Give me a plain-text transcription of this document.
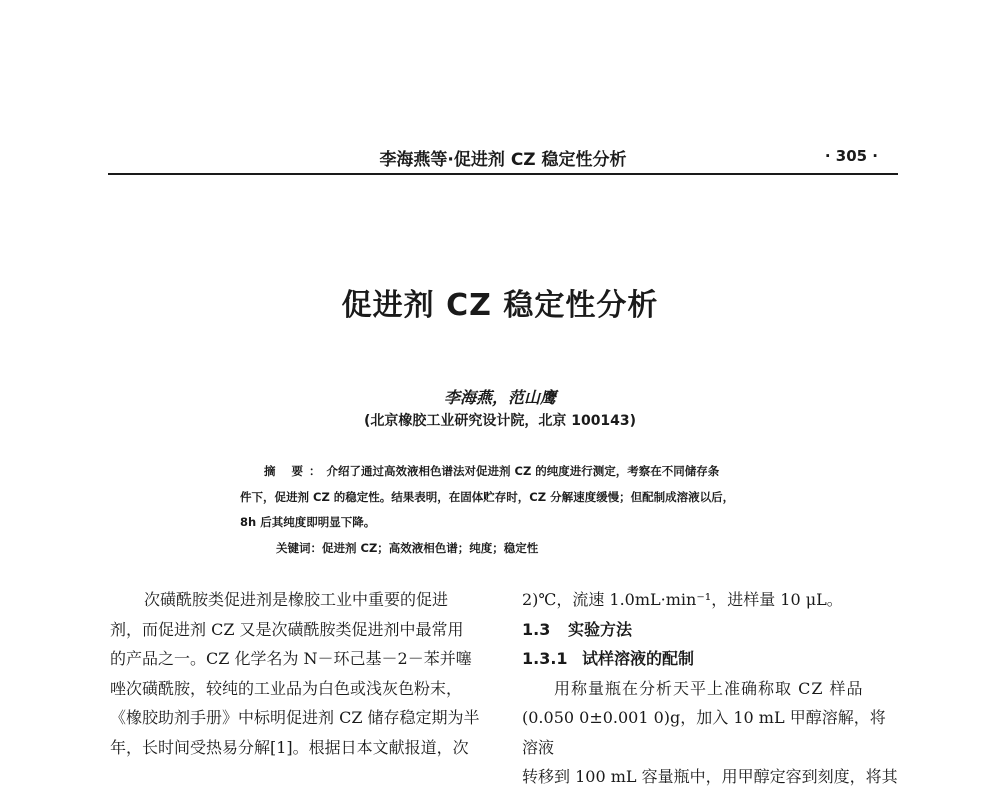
李海燕等·促进剂 CZ 稳定性分析	· 305 ·
促进剂 CZ 稳定性分析
李海燕，范山鹰
(北京橡胶工业研究设计院，北京 100143)

摘 要：介绍了通过高效液相色谱法对促进剂 CZ 的纯度进行测定，考察在不同储存条

件下，促进剂 CZ 的稳定性。结果表明，在固体贮存时，CZ 分解速度缓慢；但配制成溶液以后，

8h 后其纯度即明显下降。

关键词：促进剂 CZ；高效液相色谱；纯度；稳定性

次磺酰胺类促进剂是橡胶工业中重要的促进

剂，而促进剂 CZ 又是次磺酰胺类促进剂中最常用

的产品之一。CZ 化学名为 N－环己基－2－苯并噻

唑次磺酰胺，较纯的工业品为白色或浅灰色粉末，

《橡胶助剂手册》中标明促进剂 CZ 储存稳定期为半

年，长时间受热易分解[1]。根据日本文献报道，次

2)℃，流速 1.0mL·min⁻¹，进样量 10 μL。

1.3 实验方法

1.3.1 试样溶液的配制

用称量瓶在分析天平上准确称取 CZ 样品

(0.050 0±0.001 0)g，加入 10 mL 甲醇溶解，将溶液

转移到 100 mL 容量瓶中，用甲醇定容到刻度，将其
